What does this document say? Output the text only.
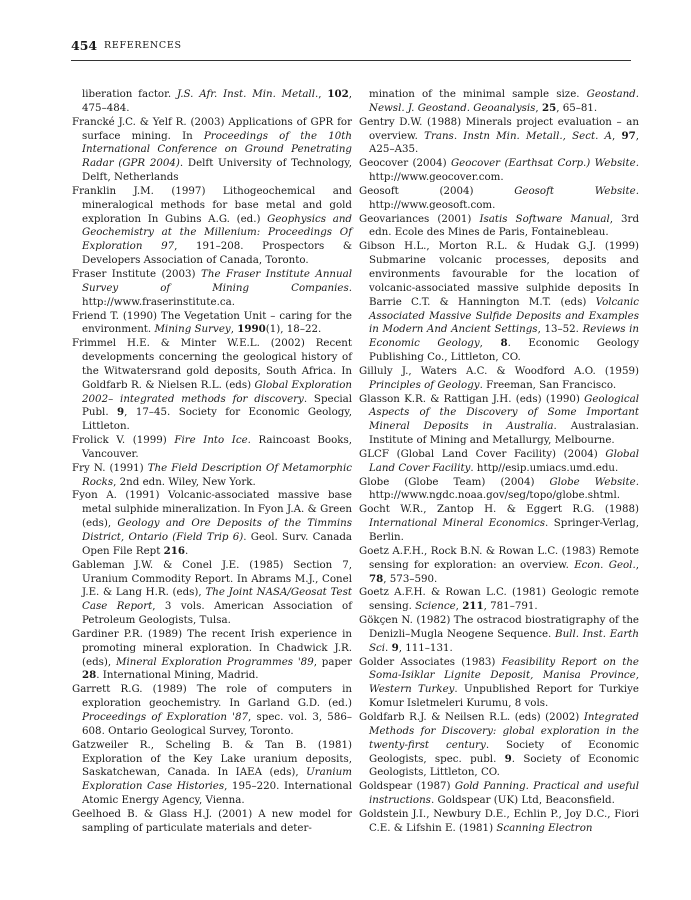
454 REFERENCES

liberation factor. J.S. Afr. Inst. Min. Metall., 102, 475–484.

Francké J.C. & Yelf R. (2003) Applications of GPR for surface mining. In Proceedings of the 10th International Conference on Ground Penetrating Radar (GPR 2004). Delft University of Technology, Delft, Netherlands

Franklin J.M. (1997) Lithogeochemical and mineralogical methods for base metal and gold exploration In Gubins A.G. (ed.) Geophysics and Geochemistry at the Millenium: Proceedings Of Exploration 97, 191–208. Prospectors & Developers Association of Canada, Toronto.

Fraser Institute (2003) The Fraser Institute Annual Survey of Mining Companies. http://www.fraserinstitute.ca.

Friend T. (1990) The Vegetation Unit – caring for the environment. Mining Survey, 1990(1), 18–22.

Frimmel H.E. & Minter W.E.L. (2002) Recent developments concerning the geological history of the Witwatersrand gold deposits, South Africa. In Goldfarb R. & Nielsen R.L. (eds) Global Exploration 2002– integrated methods for discovery. Special Publ. 9, 17–45. Society for Economic Geology, Littleton.

Frolick V. (1999) Fire Into Ice. Raincoast Books, Vancouver.

Fry N. (1991) The Field Description Of Metamorphic Rocks, 2nd edn. Wiley, New York.

Fyon A. (1991) Volcanic-associated massive base metal sulphide mineralization. In Fyon J.A. & Green (eds), Geology and Ore Deposits of the Timmins District, Ontario (Field Trip 6). Geol. Surv. Canada Open File Rept 216.

Gableman J.W. & Conel J.E. (1985) Section 7, Uranium Commodity Report. In Abrams M.J., Conel J.E. & Lang H.R. (eds), The Joint NASA/Geosat Test Case Report, 3 vols. American Association of Petroleum Geologists, Tulsa.

Gardiner P.R. (1989) The recent Irish experience in promoting mineral exploration. In Chadwick J.R. (eds), Mineral Exploration Programmes '89, paper 28. International Mining, Madrid.

Garrett R.G. (1989) The role of computers in exploration geochemistry. In Garland G.D. (ed.) Proceedings of Exploration '87, spec. vol. 3, 586–608. Ontario Geological Survey, Toronto.

Gatzweiler R., Scheling B. & Tan B. (1981) Exploration of the Key Lake uranium deposits, Saskatchewan, Canada. In IAEA (eds), Uranium Exploration Case Histories, 195–220. International Atomic Energy Agency, Vienna.

Geelhoed B. & Glass H.J. (2001) A new model for sampling of particulate materials and deter-

mination of the minimal sample size. Geostand. Newsl. J. Geostand. Geoanalysis, 25, 65–81.

Gentry D.W. (1988) Minerals project evaluation – an overview. Trans. Instn Min. Metall., Sect. A, 97, A25–A35.

Geocover (2004) Geocover (Earthsat Corp.) Website. http://www.geocover.com.

Geosoft (2004) Geosoft Website. http://www.geosoft.com.

Geovariances (2001) Isatis Software Manual, 3rd edn. Ecole des Mines de Paris, Fontainebleau.

Gibson H.L., Morton R.L. & Hudak G.J. (1999) Submarine volcanic processes, deposits and environments favourable for the location of volcanic-associated massive sulphide deposits In Barrie C.T. & Hannington M.T. (eds) Volcanic Associated Massive Sulfide Deposits and Examples in Modern And Ancient Settings, 13–52. Reviews in Economic Geology, 8. Economic Geology Publishing Co., Littleton, CO.

Gilluly J., Waters A.C. & Woodford A.O. (1959) Principles of Geology. Freeman, San Francisco.

Glasson K.R. & Rattigan J.H. (eds) (1990) Geological Aspects of the Discovery of Some Important Mineral Deposits in Australia. Australasian. Institute of Mining and Metallurgy, Melbourne.

GLCF (Global Land Cover Facility) (2004) Global Land Cover Facility. http//esip.umiacs.umd.edu.

Globe (Globe Team) (2004) Globe Website. http://www.ngdc.noaa.gov/seg/topo/globe.shtml.

Gocht W.R., Zantop H. & Eggert R.G. (1988) International Mineral Economics. Springer-Verlag, Berlin.

Goetz A.F.H., Rock B.N. & Rowan L.C. (1983) Remote sensing for exploration: an overview. Econ. Geol., 78, 573–590.

Goetz A.F.H. & Rowan L.C. (1981) Geologic remote sensing. Science, 211, 781–791.

Gökçen N. (1982) The ostracod biostratigraphy of the Denizli–Mugla Neogene Sequence. Bull. Inst. Earth Sci. 9, 111–131.

Golder Associates (1983) Feasibility Report on the Soma-Isiklar Lignite Deposit, Manisa Province, Western Turkey. Unpublished Report for Turkiye Komur Isletmeleri Kurumu, 8 vols.

Goldfarb R.J. & Neilsen R.L. (eds) (2002) Integrated Methods for Discovery: global exploration in the twenty-first century. Society of Economic Geologists, spec. publ. 9. Society of Economic Geologists, Littleton, CO.

Goldspear (1987) Gold Panning. Practical and useful instructions. Goldspear (UK) Ltd, Beaconsfield.

Goldstein J.I., Newbury D.E., Echlin P., Joy D.C., Fiori C.E. & Lifshin E. (1981) Scanning Electron
